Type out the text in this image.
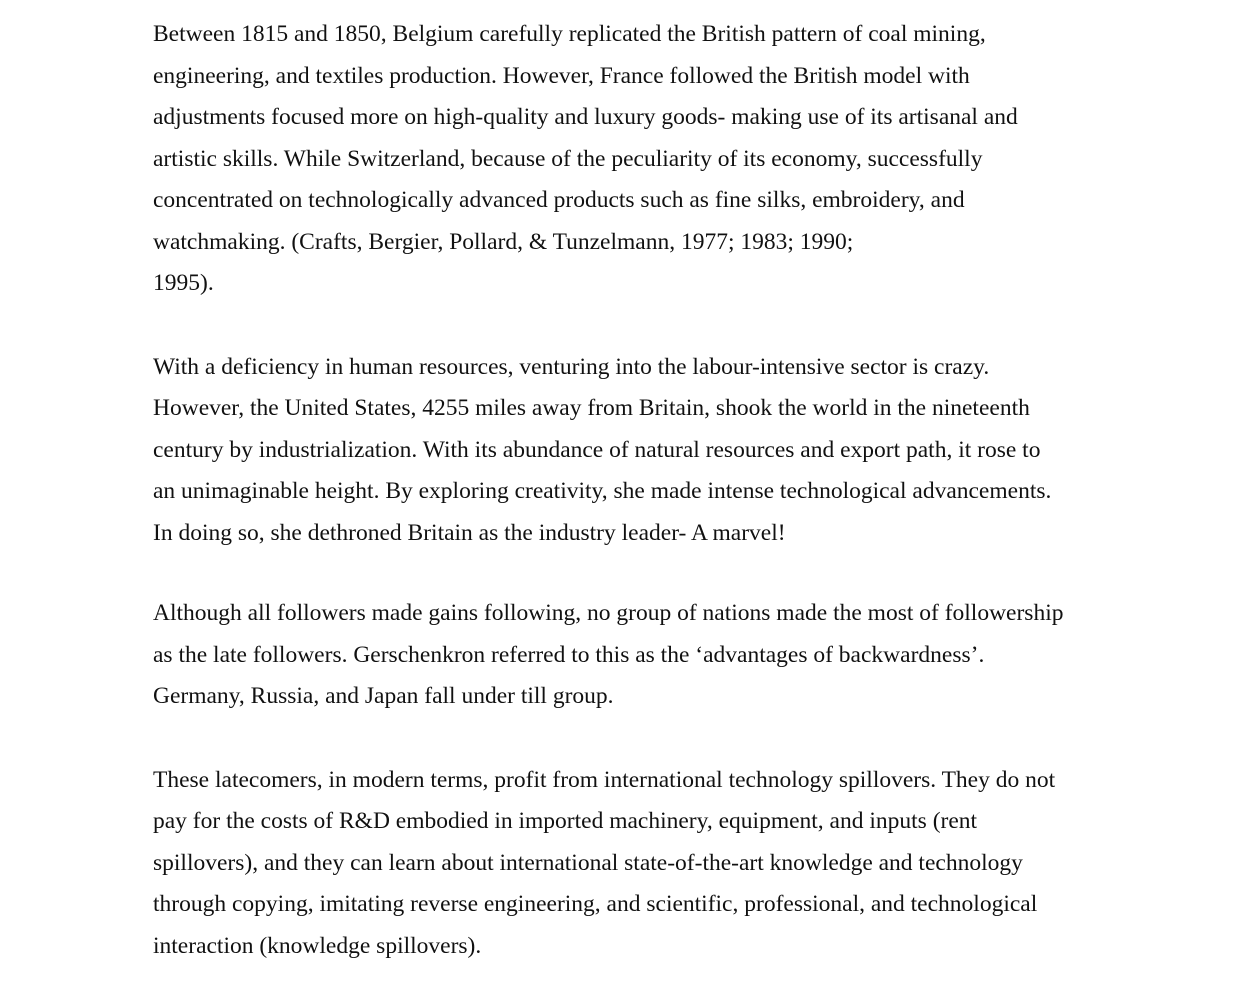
Between 1815 and 1850, Belgium carefully replicated the British pattern of coal mining,
engineering, and textiles production. However, France followed the British model with
adjustments focused more on high-quality and luxury goods- making use of its artisanal and
artistic skills. While Switzerland, because of the peculiarity of its economy, successfully
concentrated on technologically advanced products such as fine silks, embroidery, and
watchmaking. (Crafts, Bergier, Pollard, & Tunzelmann, 1977; 1983; 1990;
1995).
With a deficiency in human resources, venturing into the labour-intensive sector is crazy.
However, the United States, 4255 miles away from Britain, shook the world in the nineteenth
century by industrialization. With its abundance of natural resources and export path, it rose to
an unimaginable height. By exploring creativity, she made intense technological advancements.
In doing so, she dethroned Britain as the industry leader- A marvel!
Although all followers made gains following, no group of nations made the most of followership
as the late followers. Gerschenkron referred to this as the ‘advantages of backwardness’.
Germany, Russia, and Japan fall under till group.
These latecomers, in modern terms, profit from international technology spillovers. They do not
pay for the costs of R&D embodied in imported machinery, equipment, and inputs (rent
spillovers), and they can learn about international state-of-the-art knowledge and technology
through copying, imitating reverse engineering, and scientific, professional, and technological
interaction (knowledge spillovers).
